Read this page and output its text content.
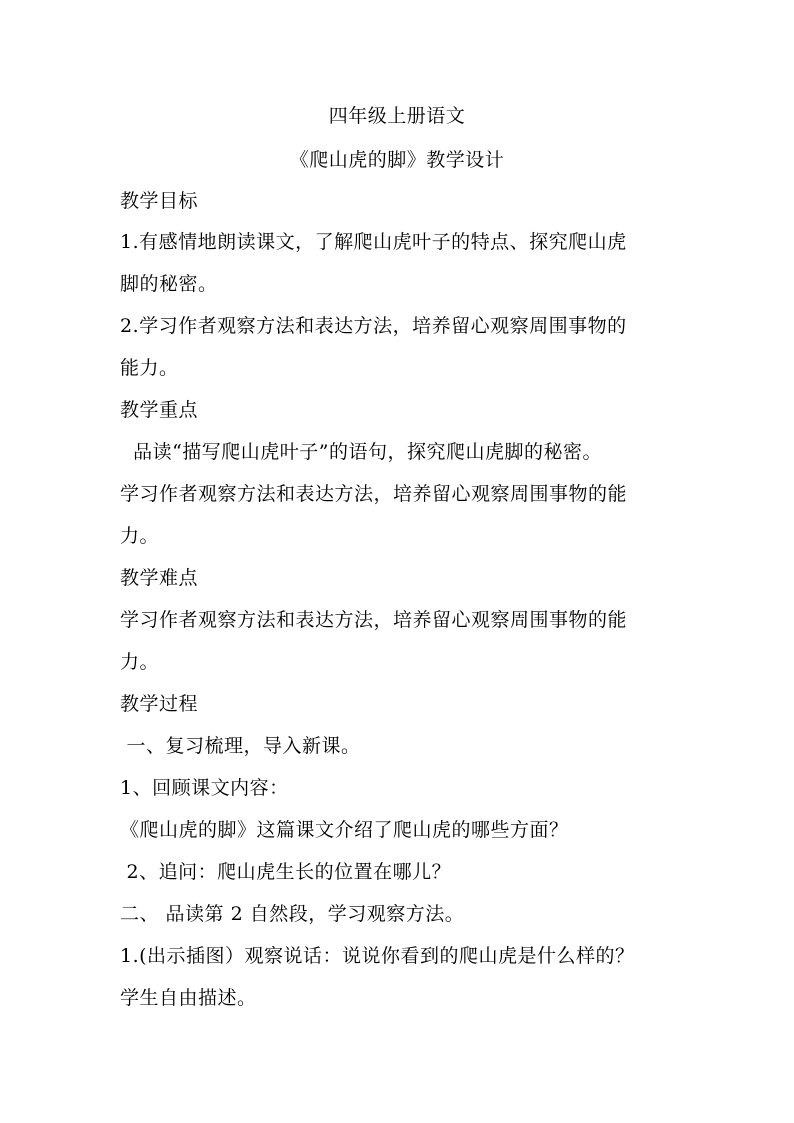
四年级上册语文
《爬山虎的脚》教学设计
教学目标
1.有感情地朗读课文，了解爬山虎叶子的特点、探究爬山虎
脚的秘密。
2.学习作者观察方法和表达方法，培养留心观察周围事物的
能力。
教学重点
品读“描写爬山虎叶子”的语句，探究爬山虎脚的秘密。
学习作者观察方法和表达方法，培养留心观察周围事物的能
力。
教学难点
学习作者观察方法和表达方法，培养留心观察周围事物的能
力。
教学过程
一、复习梳理，导入新课。
1、回顾课文内容：
《爬山虎的脚》这篇课文介绍了爬山虎的哪些方面？
2、追问：爬山虎生长的位置在哪儿？
二、 品读第 2 自然段，学习观察方法。
1.(出示插图）观察说话：说说你看到的爬山虎是什么样的？
学生自由描述。
